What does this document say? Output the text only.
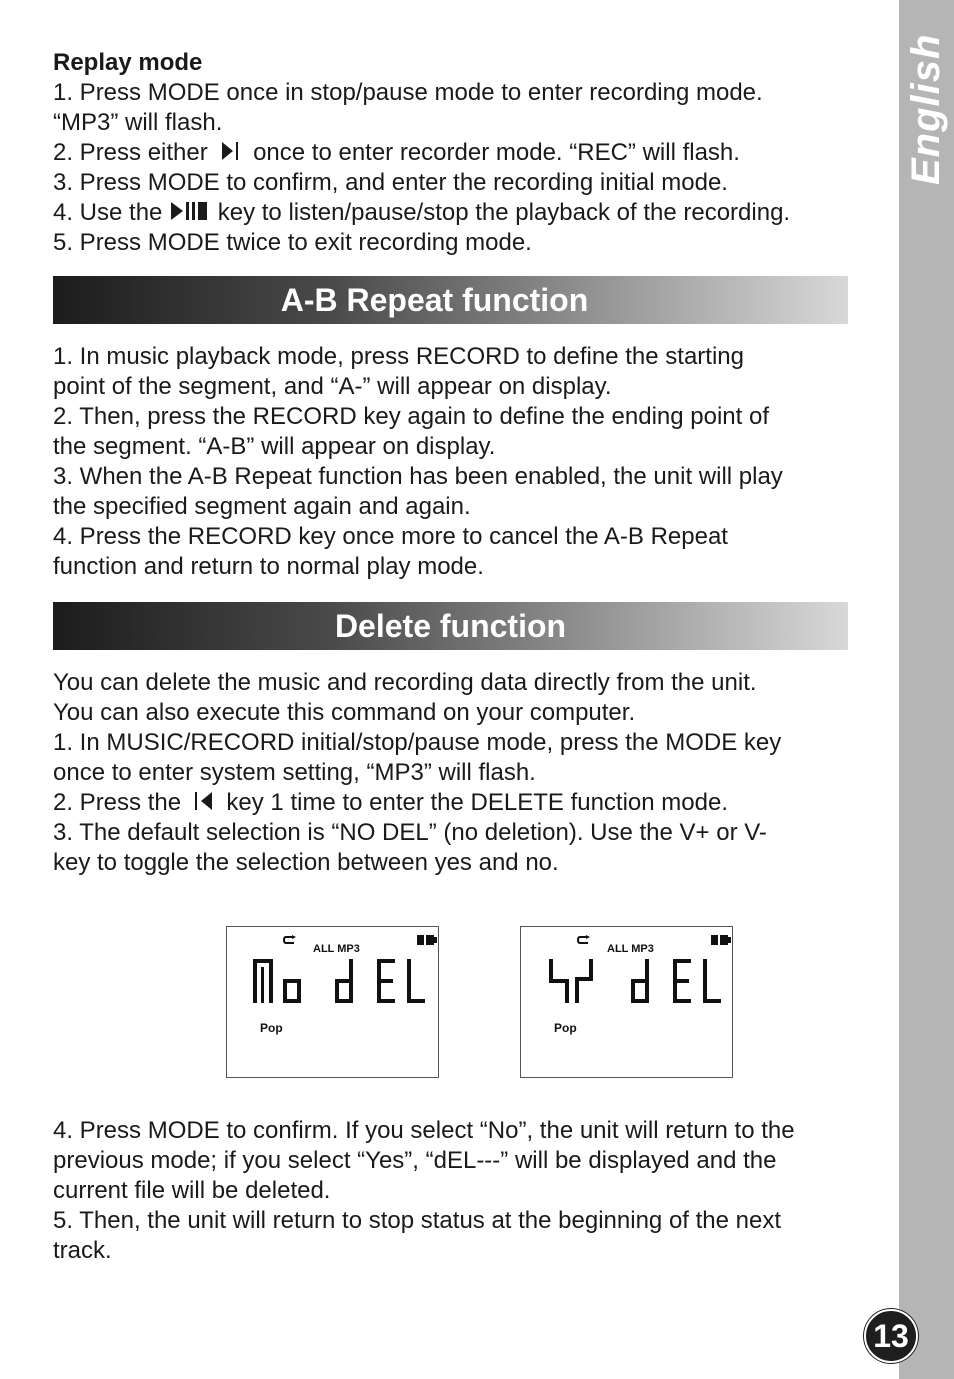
English
13
Replay mode
1. Press MODE once in stop/pause mode to enter recording mode.
“MP3” will flash.
2. Press either once to enter recorder mode. “REC” will flash.
3. Press MODE to confirm, and enter the recording initial mode.
4. Use the key to listen/pause/stop the playback of the recording.
5. Press MODE twice to exit recording mode.
A-B Repeat function
1. In music playback mode, press RECORD to define the starting
point of the segment, and “A-” will appear on display.
2. Then, press the RECORD key again to define the ending point of
the segment. “A-B” will appear on display.
3. When the A-B Repeat function has been enabled, the unit will play
the specified segment again and again.
4. Press the RECORD key once more to cancel the A-B Repeat
function and return to normal play mode.
Delete function
You can delete the music and recording data directly from the unit.
You can also execute this command on your computer.
1. In MUSIC/RECORD initial/stop/pause mode, press the MODE key
once to enter system setting, “MP3” will flash.
2. Press the key 1 time to enter the DELETE function mode.
3. The default selection is “NO DEL” (no deletion). Use the V+ or V-
key to toggle the selection between yes and no.
ALL MP3
Pop
ALL MP3
Pop
4. Press MODE to confirm. If you select “No”, the unit will return to the
previous mode; if you select “Yes”, “dEL---” will be displayed and the
current file will be deleted.
5. Then, the unit will return to stop status at the beginning of the next
track.
